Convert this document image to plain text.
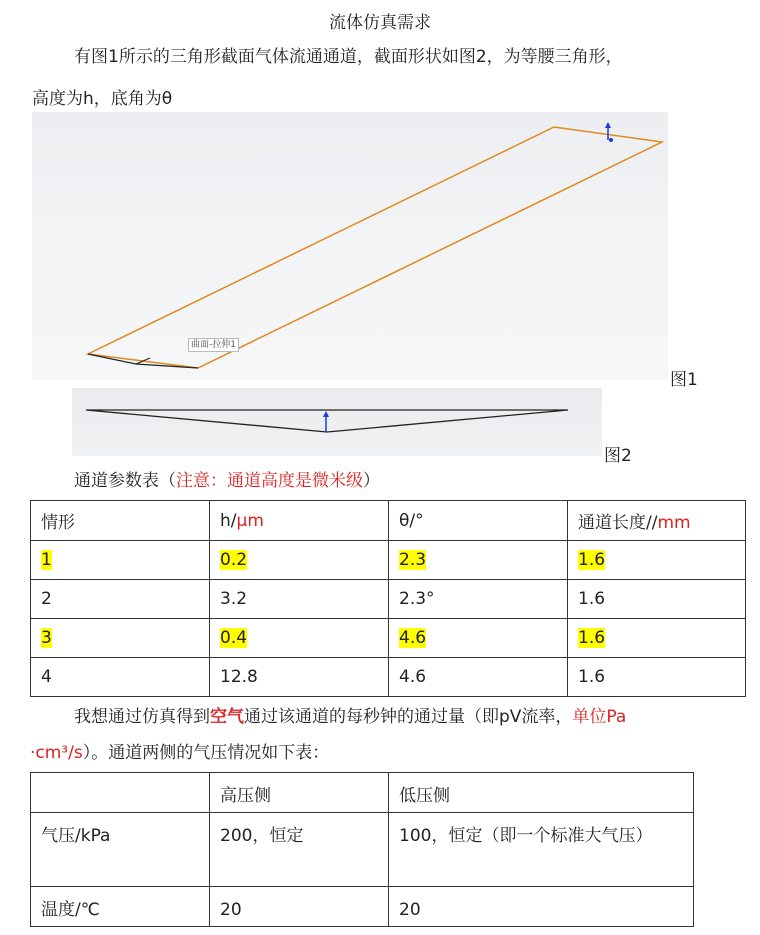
流体仿真需求
有图1所示的三角形截面气体流通通道，截面形状如图2，为等腰三角形，
高度为h，底角为θ
曲面-拉伸1
图1
图2
通道参数表（注意：通道高度是微米级）
情形	h/μm	θ/°	通道长度//mm
1	0.2	2.3	1.6
2	3.2	2.3°	1.6
3	0.4	4.6	1.6
4	12.8	4.6	1.6
我想通过仿真得到空气通过该通道的每秒钟的通过量（即pV流率，单位Pa
·cm³/s）。通道两侧的气压情况如下表：
	高压侧	低压侧
气压/kPa	200，恒定	100，恒定（即一个标准大气压）
温度/℃	20	20
